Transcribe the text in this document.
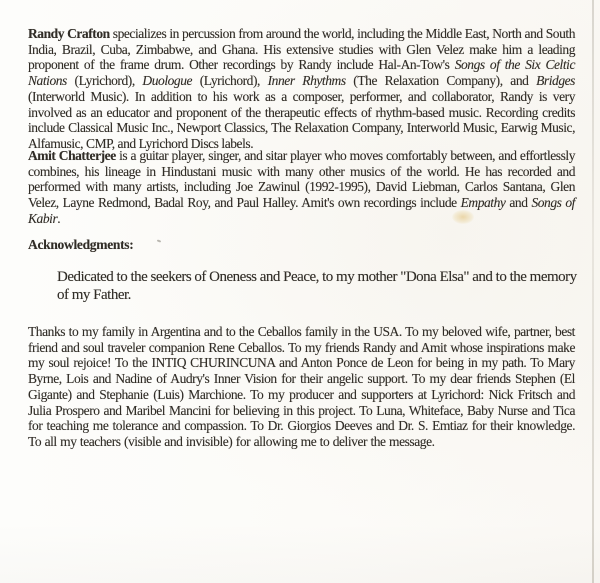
Randy Crafton specializes in percussion from around the world, including the Middle East, North and South India, Brazil, Cuba, Zimbabwe, and Ghana. His extensive studies with Glen Velez make him a leading proponent of the frame drum. Other recordings by Randy include Hal-An-Tow's Songs of the Six Celtic Nations (Lyrichord), Duologue (Lyrichord), Inner Rhythms (The Relaxation Company), and Bridges (Interworld Music). In addition to his work as a composer, performer, and collaborator, Randy is very involved as an educator and proponent of the therapeutic effects of rhythm-based music. Recording credits include Classical Music Inc., Newport Classics, The Relaxation Company, Interworld Music, Earwig Music, Alfamusic, CMP, and Lyrichord Discs labels.

Amit Chatterjee is a guitar player, singer, and sitar player who moves comfortably between, and effortlessly combines, his lineage in Hindustani music with many other musics of the world. He has recorded and performed with many artists, including Joe Zawinul (1992-1995), David Liebman, Carlos Santana, Glen Velez, Layne Redmond, Badal Roy, and Paul Halley. Amit's own recordings include Empathy and Songs of Kabir.

Acknowledgments:

Dedicated to the seekers of Oneness and Peace, to my mother "Dona Elsa" and to the memory of my Father.

Thanks to my family in Argentina and to the Ceballos family in the USA. To my beloved wife, partner, best friend and soul traveler companion Rene Ceballos. To my friends Randy and Amit whose inspirations make my soul rejoice! To the INTIQ CHURINCUNA and Anton Ponce de Leon for being in my path. To Mary Byrne, Lois and Nadine of Audry's Inner Vision for their angelic support. To my dear friends Stephen (El Gigante) and Stephanie (Luis) Marchione. To my producer and supporters at Lyrichord: Nick Fritsch and Julia Prospero and Maribel Mancini for believing in this project. To Luna, Whiteface, Baby Nurse and Tica for teaching me tolerance and compassion. To Dr. Giorgios Deeves and Dr. S. Emtiaz for their knowledge. To all my teachers (visible and invisible) for allowing me to deliver the message.
